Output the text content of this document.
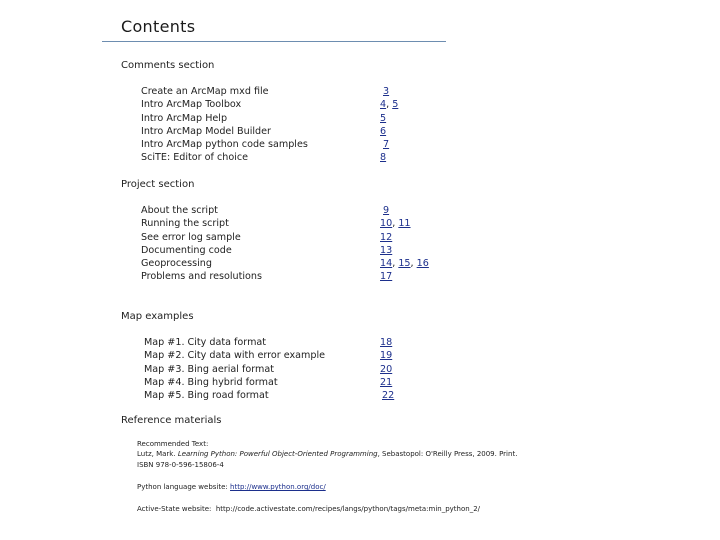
Contents
Comments section
Create an ArcMap mxd file
Intro ArcMap Toolbox
Intro ArcMap Help
Intro ArcMap Model Builder
Intro ArcMap python code samples
SciTE: Editor of choice
3
4, 5
5
6
7
8
Project section
About the script
Running the script
See error log sample
Documenting code
Geoprocessing
Problems and resolutions
9
10, 11
12
13
14, 15, 16
17
Map examples
Map #1. City data format
Map #2. City data with error example
Map #3. Bing aerial format
Map #4. Bing hybrid format
Map #5. Bing road format
18
19
20
21
22
Reference materials
Recommended Text:
Lutz, Mark. Learning Python: Powerful Object-Oriented Programming, Sebastopol: O'Reilly Press, 2009. Print.
ISBN 978-0-596-15806-4
Python language website: http://www.python.org/doc/
Active-State website: http://code.activestate.com/recipes/langs/python/tags/meta:min_python_2/
